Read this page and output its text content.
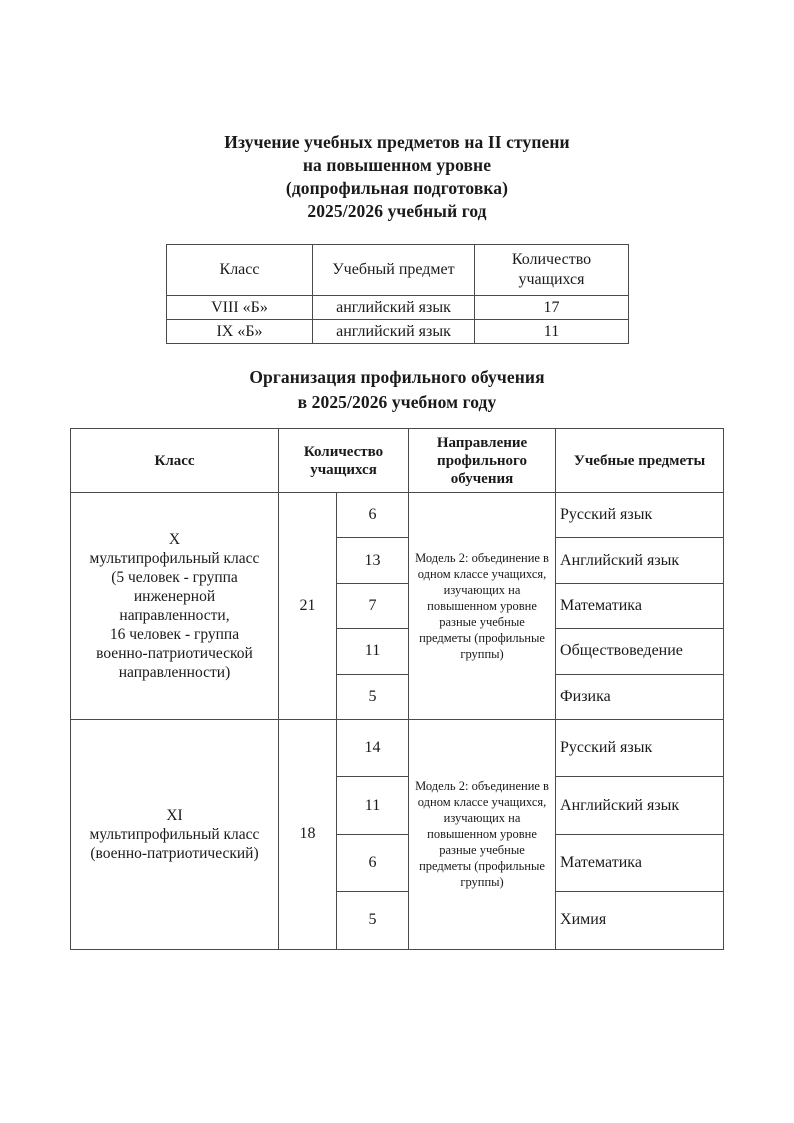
Изучение учебных предметов на II ступени
на повышенном уровне
(допрофильная подготовка)
2025/2026 учебный год
Класс	Учебный предмет	Количество учащихся
VIII «Б»	английский язык	17
IX «Б»	английский язык	11
Организация профильного обучения
в 2025/2026 учебном году
Класс	Количество учащихся		Направление профильного обучения	Учебные предметы
X
мультипрофильный класс
(5 человек - группа
инженерной
направленности,
16 человек - группа
военно-патриотической
направленности)	21	6	Модель 2: объединение в одном классе учащихся, изучающих на повышенном уровне разные учебные предметы (профильные группы)	Русский язык
		13		Английский язык
		7		Математика
		11		Обществоведение
		5		Физика
XI
мультипрофильный класс
(военно-патриотический)	18	14	Модель 2: объединение в одном классе учащихся, изучающих на повышенном уровне разные учебные предметы (профильные группы)	Русский язык
		11		Английский язык
		6		Математика
		5		Химия
